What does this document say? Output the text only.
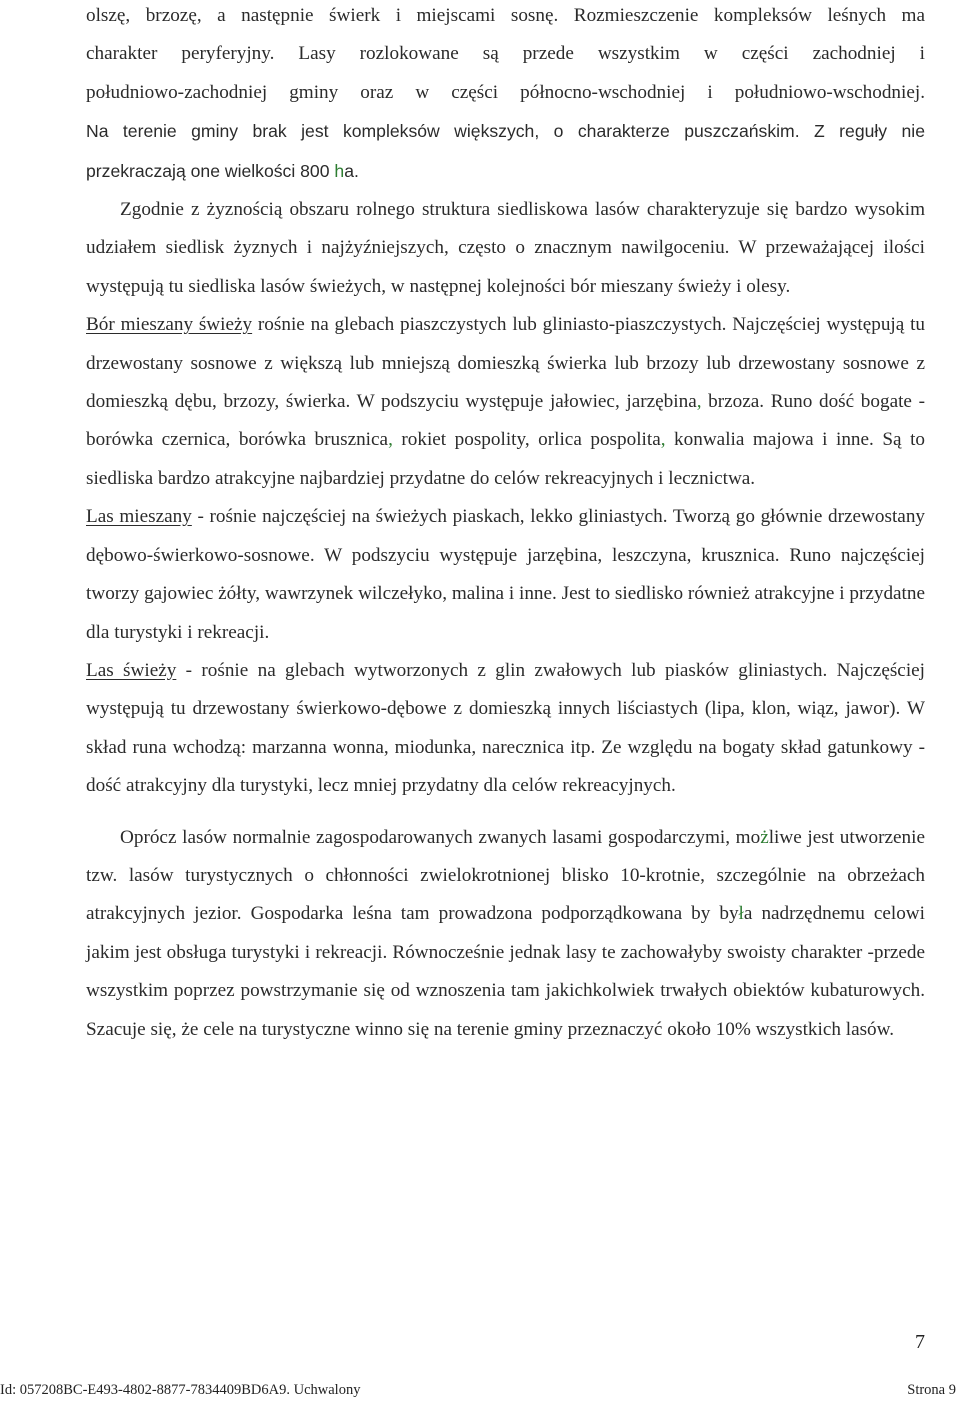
olszę, brzozę, a następnie świerk i miejscami sosnę. Rozmieszczenie kompleksów leśnych ma
charakter peryferyjny. Lasy rozlokowane są przede wszystkim w części zachodniej i
południowo-zachodniej gminy oraz w części północno-wschodniej i południowo-wschodniej.
Na terenie gminy brak jest kompleksów większych, o charakterze puszczańskim. Z reguły nie
przekraczają one wielkości 800 ha.

Zgodnie z żyznością obszaru rolnego struktura siedliskowa lasów charakteryzuje się bardzo wysokim udziałem siedlisk żyznych i najżyźniejszych, często o znacznym nawilgoceniu. W przeważającej ilości występują tu siedliska lasów świeżych, w następnej kolejności bór mieszany świeży i olesy.

Bór mieszany świeży rośnie na glebach piaszczystych lub gliniasto-piaszczystych. Najczęściej występują tu drzewostany sosnowe z większą lub mniejszą domieszką świerka lub brzozy lub drzewostany sosnowe z domieszką dębu, brzozy, świerka. W podszyciu występuje jałowiec, jarzębina, brzoza. Runo dość bogate - borówka czernica, borówka brusznica, rokiet pospolity, orlica pospolita, konwalia majowa i inne. Są to siedliska bardzo atrakcyjne najbardziej przydatne do celów rekreacyjnych i lecznictwa.

Las mieszany - rośnie najczęściej na świeżych piaskach, lekko gliniastych. Tworzą go głównie drzewostany dębowo-świerkowo-sosnowe. W podszyciu występuje jarzębina, leszczyna, krusznica. Runo najczęściej tworzy gajowiec żółty, wawrzynek wilczełyko, malina i inne. Jest to siedlisko również atrakcyjne i przydatne dla turystyki i rekreacji.

Las świeży - rośnie na glebach wytworzonych z glin zwałowych lub piasków gliniastych. Najczęściej występują tu drzewostany świerkowo-dębowe z domieszką innych liściastych (lipa, klon, wiąz, jawor). W skład runa wchodzą: marzanna wonna, miodunka, narecznica itp. Ze względu na bogaty skład gatunkowy - dość atrakcyjny dla turystyki, lecz mniej przydatny dla celów rekreacyjnych.

Oprócz lasów normalnie zagospodarowanych zwanych lasami gospodarczymi, możliwe jest utworzenie tzw. lasów turystycznych o chłonności zwielokrotnionej blisko 10-krotnie, szczególnie na obrzeżach atrakcyjnych jezior. Gospodarka leśna tam prowadzona podporządkowana by była nadrzędnemu celowi jakim jest obsługa turystyki i rekreacji. Równocześnie jednak lasy te zachowałyby swoisty charakter -przede wszystkim poprzez powstrzymanie się od wznoszenia tam jakichkolwiek trwałych obiektów kubaturowych. Szacuje się, że cele na turystyczne winno się na terenie gminy przeznaczyć około 10% wszystkich lasów.

7
Id: 057208BC-E493-4802-8877-7834409BD6A9. Uchwalony	Strona 9
